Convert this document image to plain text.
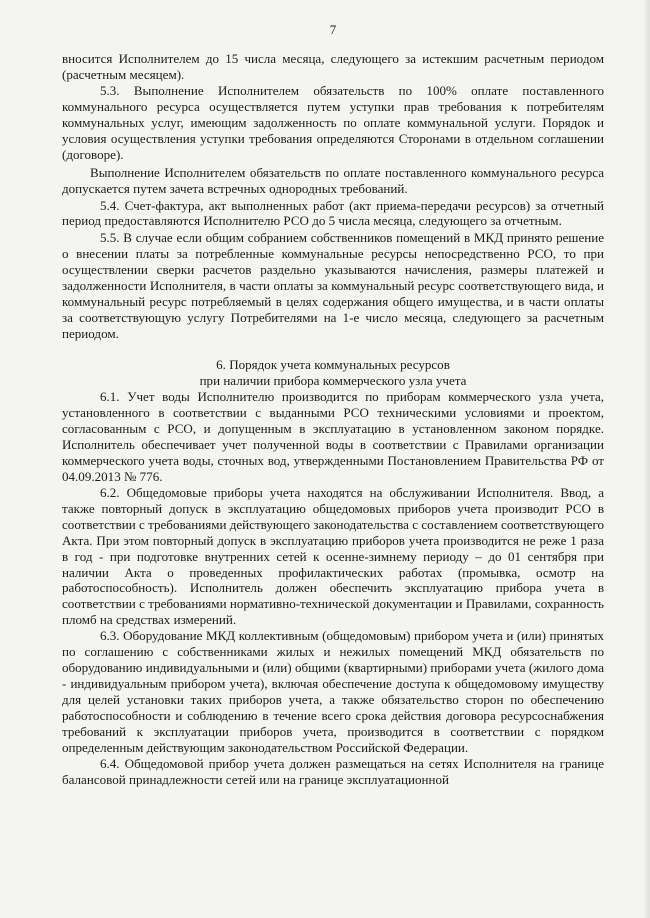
7

вносится Исполнителем до 15 числа месяца, следующего за истекшим расчетным периодом (расчетным месяцем).

5.3. Выполнение Исполнителем обязательств по 100% оплате поставленного коммунального ресурса осуществляется путем уступки прав требования к потребителям коммунальных услуг, имеющим задолженность по оплате коммунальной услуги. Порядок и условия осуществления уступки требования определяются Сторонами в отдельном соглашении (договоре).

Выполнение Исполнителем обязательств по оплате поставленного коммунального ресурса допускается путем зачета встречных однородных требований.

5.4. Счет-фактура, акт выполненных работ (акт приема-передачи ресурсов) за отчетный период предоставляются Исполнителю РСО до 5 числа месяца, следующего за отчетным.

5.5. В случае если общим собранием собственников помещений в МКД принято решение о внесении платы за потребленные коммунальные ресурсы непосредственно РСО, то при осуществлении сверки расчетов раздельно указываются начисления, размеры платежей и задолженности Исполнителя, в части оплаты за коммунальный ресурс соответствующего вида, и коммунальный ресурс потребляемый в целях содержания общего имущества, и в части оплаты за соответствующую услугу Потребителями на 1-е число месяца, следующего за расчетным периодом.

6. Порядок учета коммунальных ресурсов
при наличии прибора коммерческого узла учета

6.1. Учет воды Исполнителю производится по приборам коммерческого узла учета, установленного в соответствии с выданными РСО техническими условиями и проектом, согласованным с РСО, и допущенным в эксплуатацию в установленном законом порядке. Исполнитель обеспечивает учет полученной воды в соответствии с Правилами организации коммерческого учета воды, сточных вод, утвержденными Постановлением Правительства РФ от 04.09.2013 № 776.

6.2. Общедомовые приборы учета находятся на обслуживании Исполнителя. Ввод, а также повторный допуск в эксплуатацию общедомовых приборов учета производит РСО в соответствии с требованиями действующего законодательства с составлением соответствующего Акта. При этом повторный допуск в эксплуатацию приборов учета производится не реже 1 раза в год - при подготовке внутренних сетей к осенне-зимнему периоду – до 01 сентября при наличии Акта о проведенных профилактических работах (промывка, осмотр на работоспособность). Исполнитель должен обеспечить эксплуатацию прибора учета в соответствии с требованиями нормативно-технической документации и Правилами, сохранность пломб на средствах измерений.

6.3. Оборудование МКД коллективным (общедомовым) прибором учета и (или) принятых по соглашению с собственниками жилых и нежилых помещений МКД обязательств по оборудованию индивидуальными и (или) общими (квартирными) приборами учета (жилого дома - индивидуальным прибором учета), включая обеспечение доступа к общедомовому имуществу для целей установки таких приборов учета, а также обязательство сторон по обеспечению работоспособности и соблюдению в течение всего срока действия договора ресурсоснабжения требований к эксплуатации приборов учета, производится в соответствии с порядком определенным действующим законодательством Российской Федерации.

6.4. Общедомовой прибор учета должен размещаться на сетях Исполнителя на границе балансовой принадлежности сетей или на границе эксплуатационной
